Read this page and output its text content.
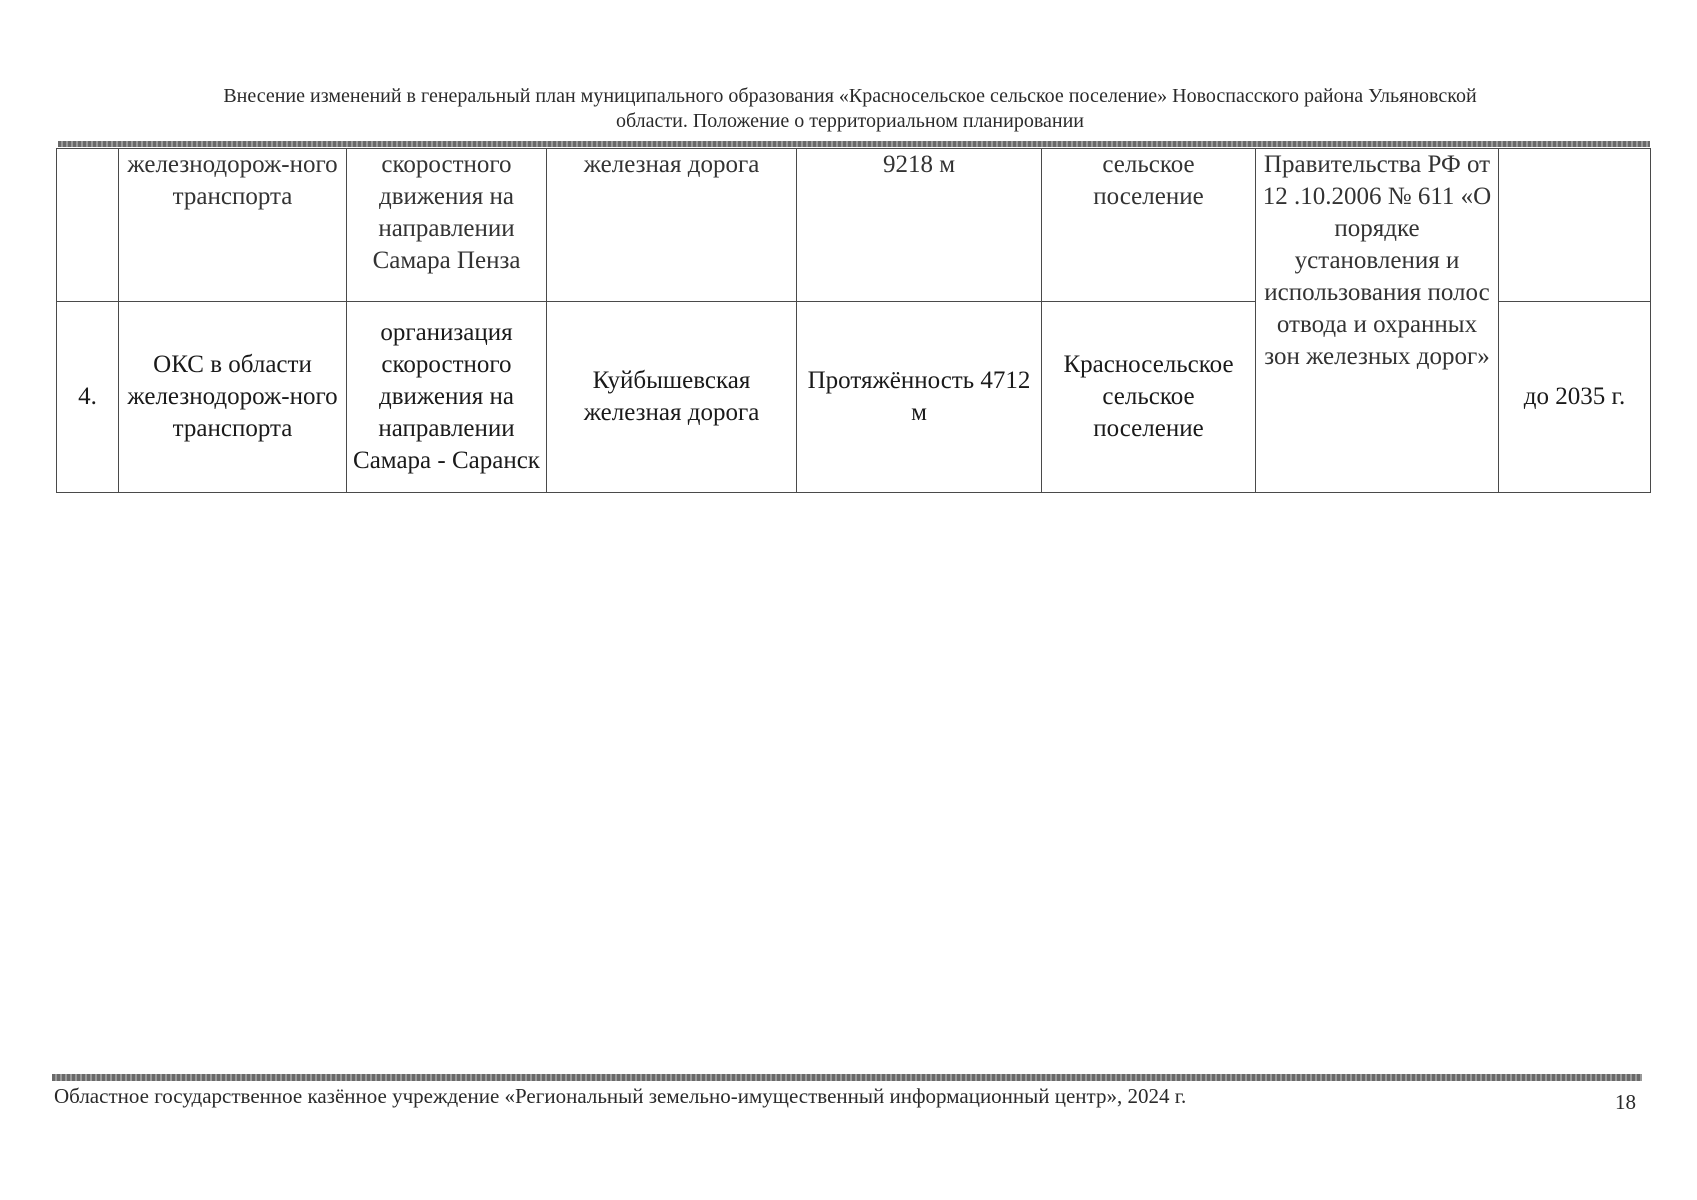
Внесение изменений в генеральный план муниципального образования «Красносельское сельское поселение» Новоспасского района Ульяновской
области. Положение о территориальном планировании

	железнодорож-ного транспорта	скоростного движения на направлении Самара Пенза	железная дорога	9218 м	сельское поселение	Правительства РФ от 12 .10.2006 № 611 «О порядке установления и использования полос отвода и охранных зон железных дорог»	
4.	ОКС в области железнодорож-ного транспорта	организация скоростного движения на направлении Самара - Саранск	Куйбышевская железная дорога	Протяжённость 4712 м	Красносельское сельское поселение		до 2035 г.
Областное государственное казённое учреждение «Региональный земельно-имущественный информационный центр», 2024 г.	18
